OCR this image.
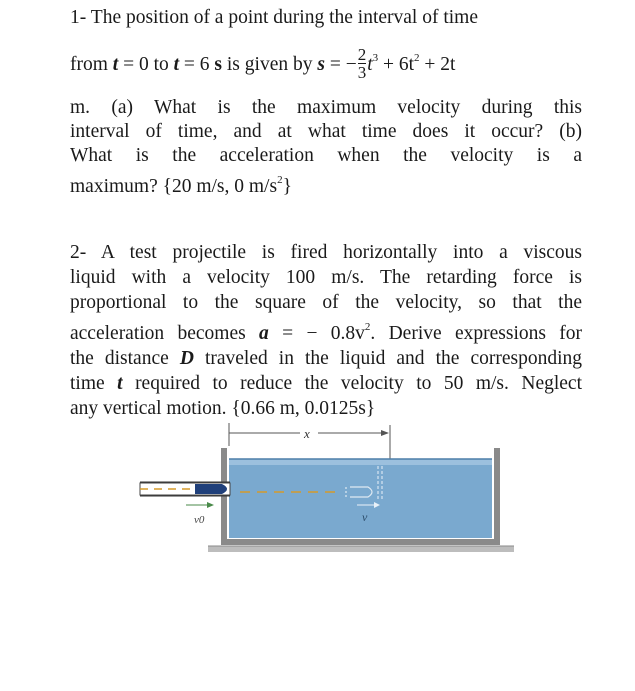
1- The position of a point during the interval of time
from t = 0 to t = 6 s is given by s = − $\frac{2}{3} t^3 + 6t^2 + 2t$
m. (a) What is the maximum velocity during this
interval of time, and at what time does it occur? (b)
What is the acceleration when the velocity is a
maximum? {20 m/s, 0 $m/s^2$}
2- A test projectile is fired horizontally into a viscous
liquid with a velocity 100 m/s. The retarding force is
proportional to the square of the velocity, so that the
acceleration becomes a = − $0.8v^2$. Derive expressions for
the distance D traveled in the liquid and the corresponding
time t required to reduce the velocity to 50 m/s. Neglect
any vertical motion. {0.66 m, 0.0125s}
x
v0	v
